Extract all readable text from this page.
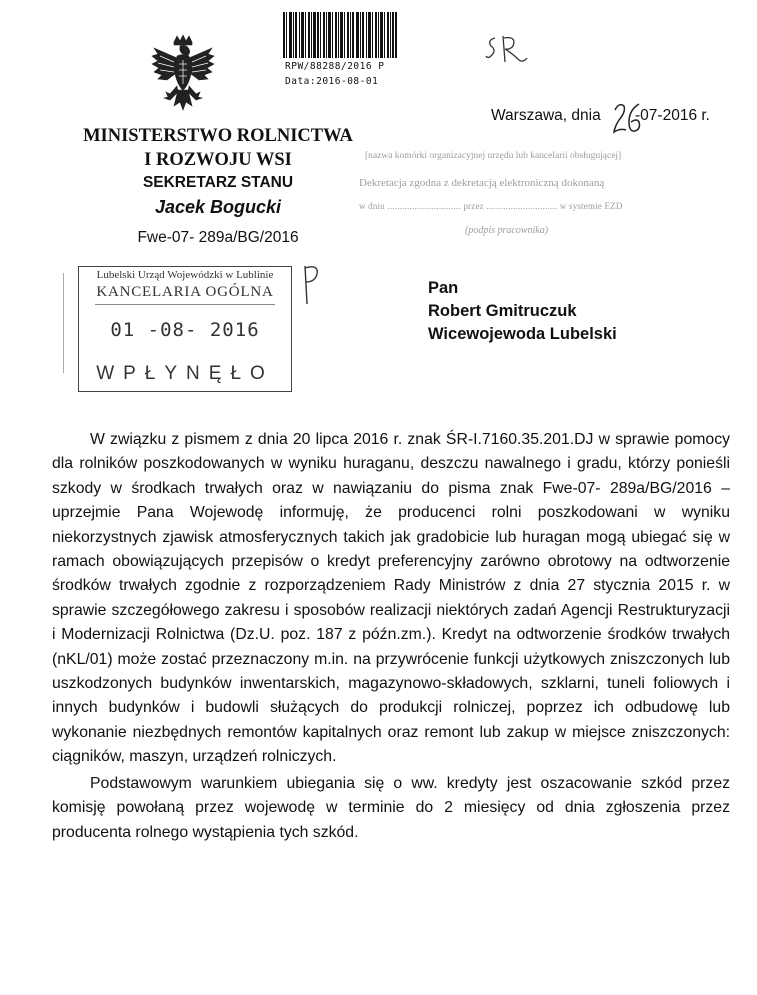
RPW/88288/2016 P
Data:2016-08-01
Warszawa, dnia -07-2016 r.
MINISTERSTWO ROLNICTWA
I ROZWOJU WSI
SEKRETARZ STANU
Jacek Bogucki
Fwe-07- 289a/BG/2016
[nazwa komórki organizacyjnej urzędu lub kancelarii obsługującej]
Dekretacja zgodna z dekretacją elektroniczną dokonaną
w dniu .............................. przez ............................. w systemie EZD
(podpis pracownika)
Lubelski Urząd Wojewódzki w Lublinie
KANCELARIA OGÓLNA
01 -08- 2016
WPŁYNĘŁO
Pan
Robert Gmitruczuk
Wicewojewoda Lubelski

W związku z pismem z dnia 20 lipca 2016 r. znak ŚR-I.7160.35.201.DJ w sprawie pomocy dla rolników poszkodowanych w wyniku huraganu, deszczu nawalnego i gradu, którzy ponieśli szkody w środkach trwałych oraz w nawiązaniu do pisma znak Fwe-07- 289a/BG/2016 – uprzejmie Pana Wojewodę informuję, że producenci rolni poszkodowani w wyniku niekorzystnych zjawisk atmosferycznych takich jak gradobicie lub huragan mogą ubiegać się w ramach obowiązujących przepisów o kredyt preferencyjny zarówno obrotowy na odtworzenie środków trwałych zgodnie z rozporządzeniem Rady Ministrów z dnia 27 stycznia 2015 r. w sprawie szczegółowego zakresu i sposobów realizacji niektórych zadań Agencji Restrukturyzacji i Modernizacji Rolnictwa (Dz.U. poz. 187 z późn.zm.). Kredyt na odtworzenie środków trwałych (nKL/01) może zostać przeznaczony m.in. na przywrócenie funkcji użytkowych zniszczonych lub uszkodzonych budynków inwentarskich, magazynowo-składowych, szklarni, tuneli foliowych i innych budynków i budowli służących do produkcji rolniczej, poprzez ich odbudowę lub wykonanie niezbędnych remontów kapitalnych oraz remont lub zakup w miejsce zniszczonych: ciągników, maszyn, urządzeń rolniczych.

Podstawowym warunkiem ubiegania się o ww. kredyty jest oszacowanie szkód przez komisję powołaną przez wojewodę w terminie do 2 miesięcy od dnia zgłoszenia przez producenta rolnego wystąpienia tych szkód.
